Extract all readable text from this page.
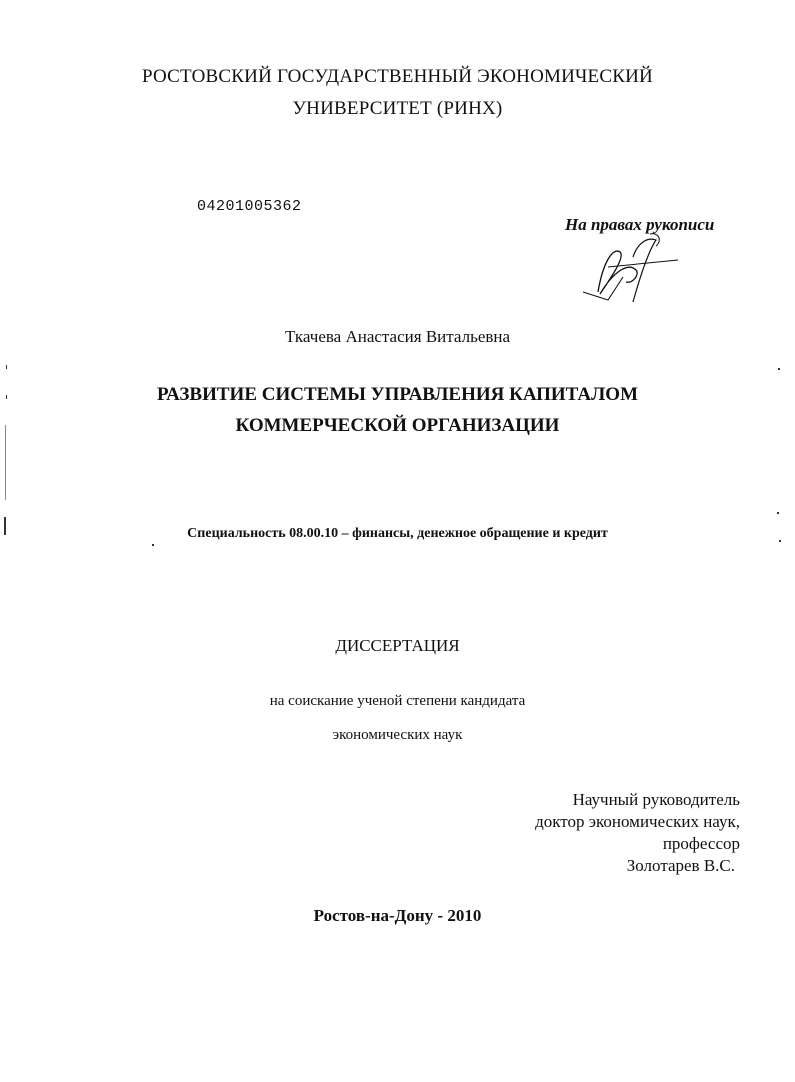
РОСТОВСКИЙ ГОСУДАРСТВЕННЫЙ ЭКОНОМИЧЕСКИЙ
УНИВЕРСИТЕТ (РИНХ)
04201005362
На правах рукописи
Ткачева Анастасия Витальевна
РАЗВИТИЕ СИСТЕМЫ УПРАВЛЕНИЯ КАПИТАЛОМ
КОММЕРЧЕСКОЙ ОРГАНИЗАЦИИ
Специальность 08.00.10 – финансы, денежное обращение и кредит
ДИССЕРТАЦИЯ
на соискание ученой степени кандидата
экономических наук
Научный руководитель
доктор экономических наук,
профессор
Золотарев В.С.
Ростов-на-Дону - 2010
